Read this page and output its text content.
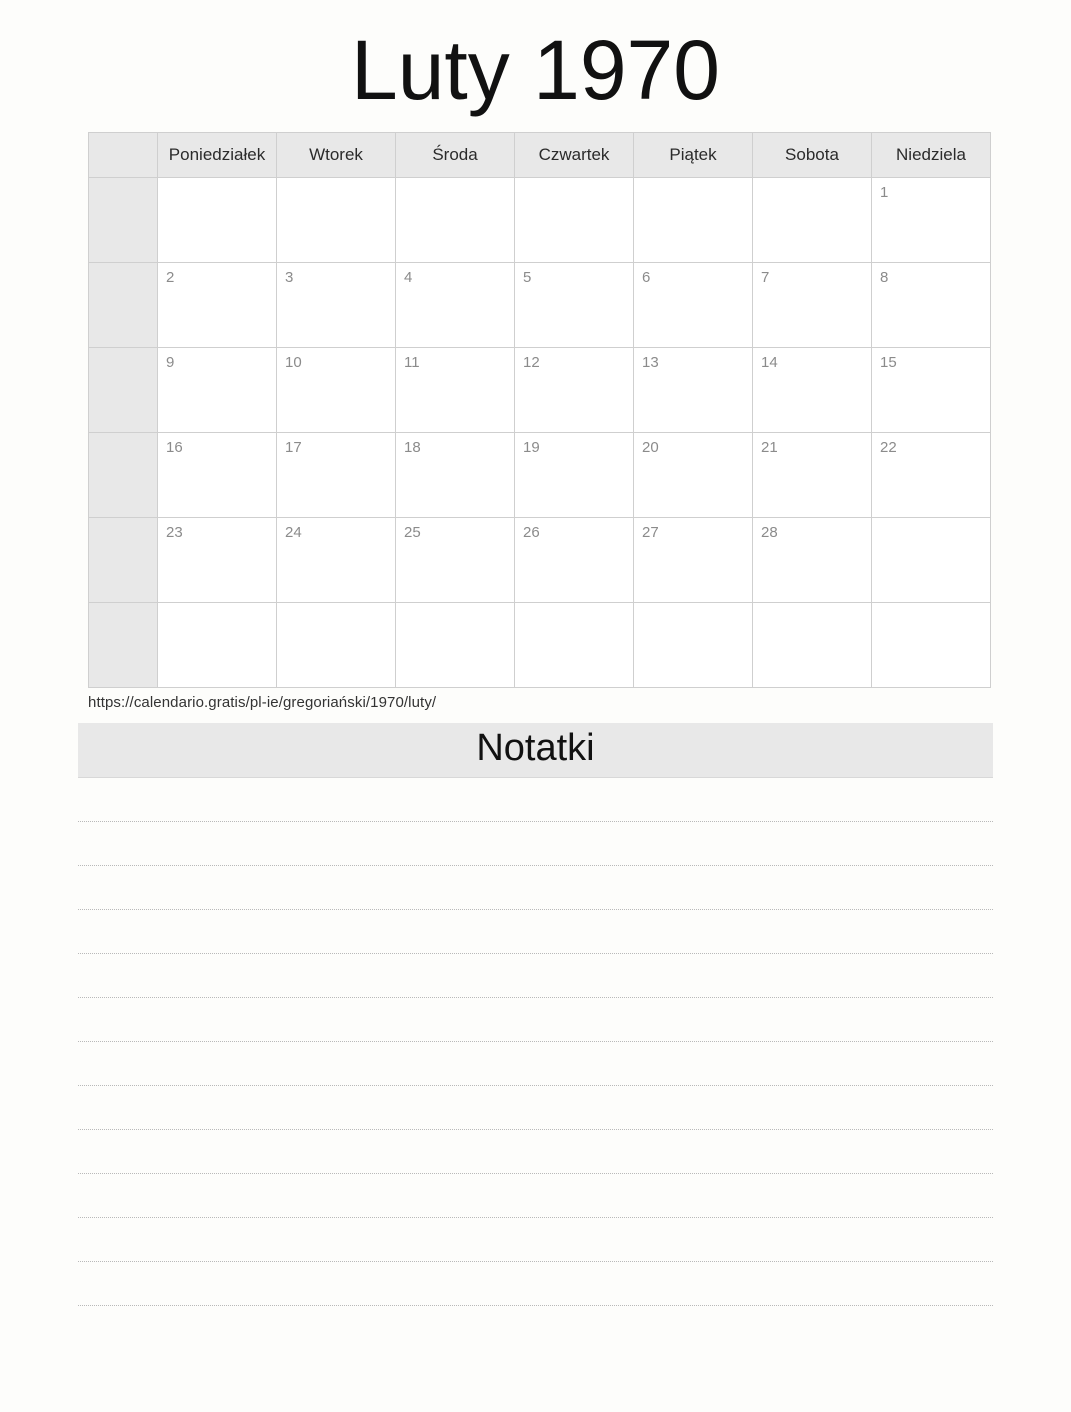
Luty 1970
	Poniedziałek	Wtorek	Środa	Czwartek	Piątek	Sobota	Niedziela

							1

	2	3	4	5	6	7	8

	9	10	11	12	13	14	15

	16	17	18	19	20	21	22

	23	24	25	26	27	28	

https://calendario.gratis/pl-ie/gregoriański/1970/luty/
Notatki
